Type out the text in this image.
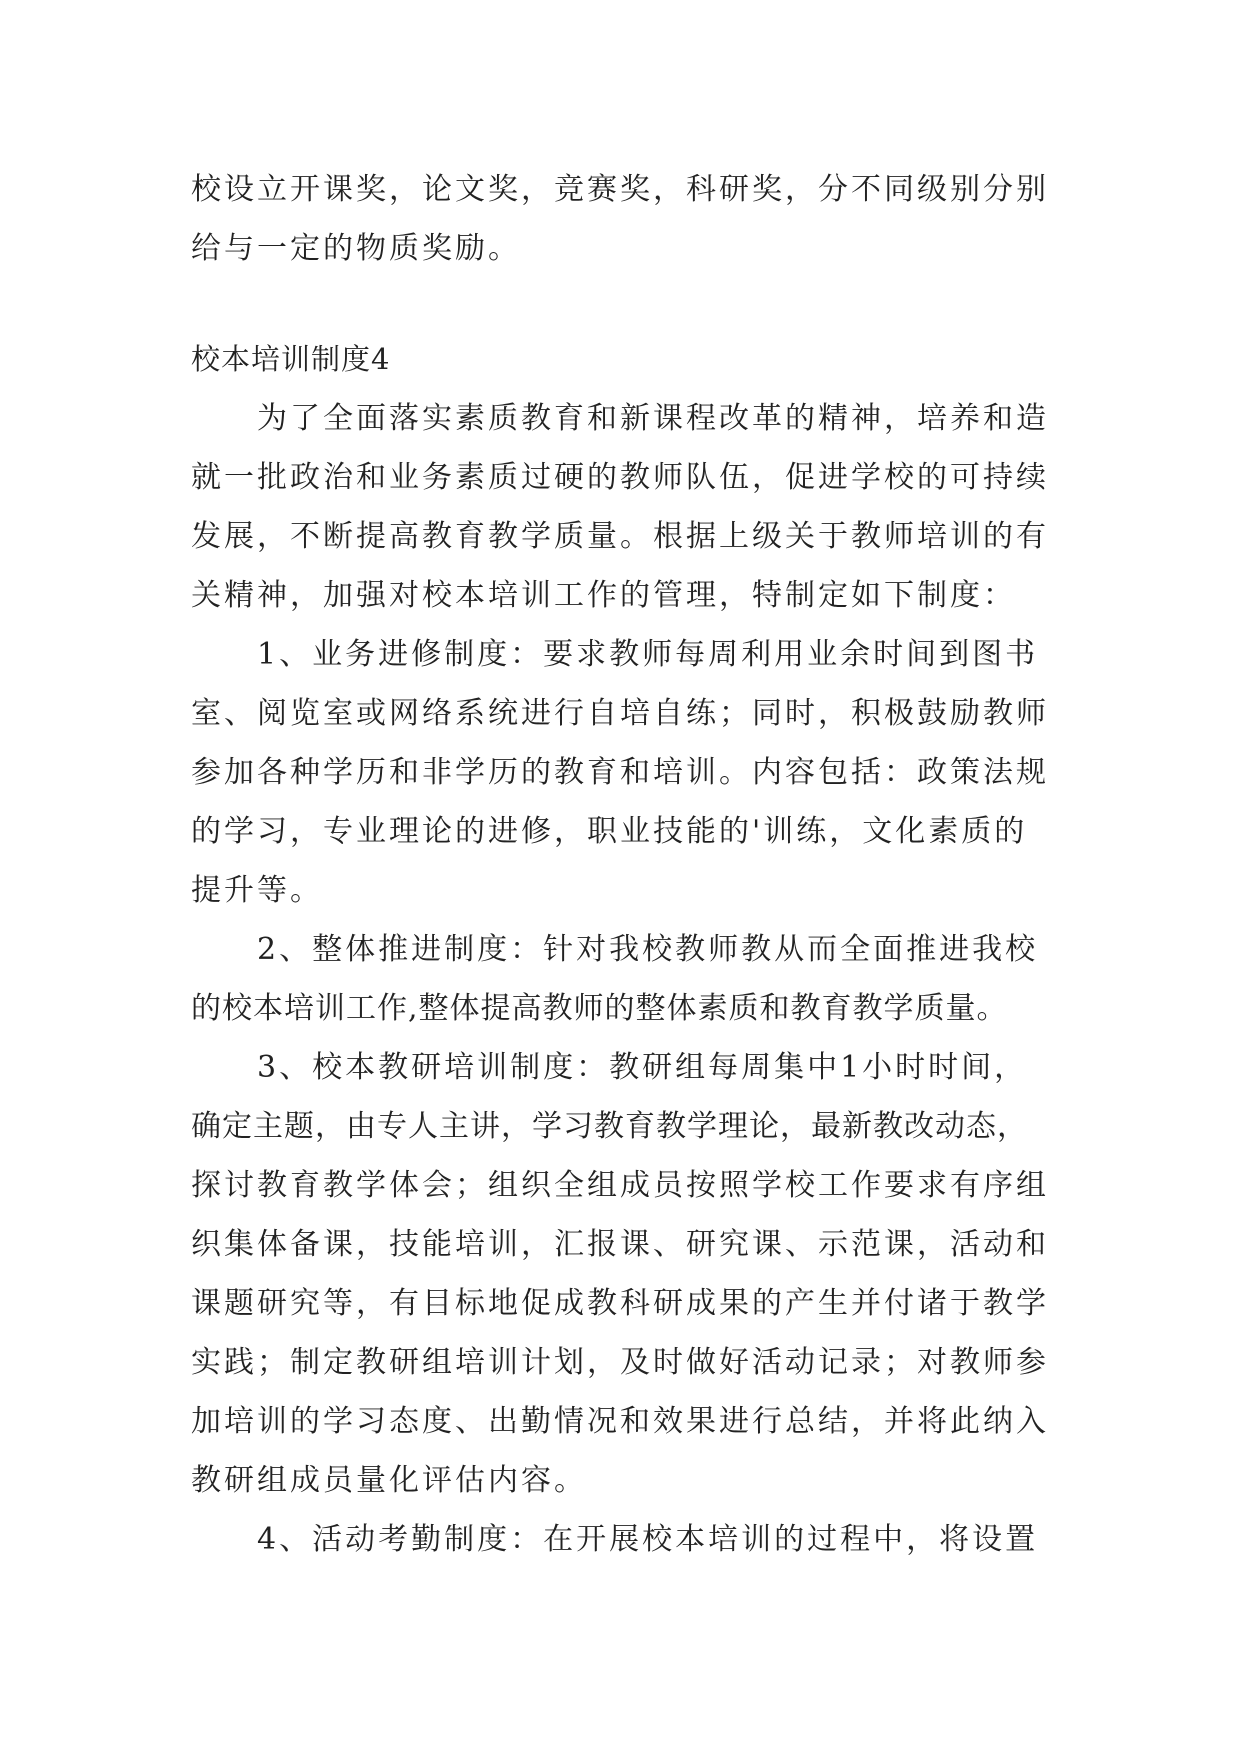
校设立开课奖，论文奖，竞赛奖，科研奖，分不同级别分别

给与一定的物质奖励。

校本培训制度4

为了全面落实素质教育和新课程改革的精神，培养和造

就一批政治和业务素质过硬的教师队伍，促进学校的可持续

发展，不断提高教育教学质量。根据上级关于教师培训的有

关精神，加强对校本培训工作的管理，特制定如下制度：

1、业务进修制度：要求教师每周利用业余时间到图书

室、阅览室或网络系统进行自培自练；同时，积极鼓励教师

参加各种学历和非学历的教育和培训。内容包括：政策法规

的学习，专业理论的进修，职业技能的'训练，文化素质的

提升等。

2、整体推进制度：针对我校教师教从而全面推进我校

的校本培训工作,整体提高教师的整体素质和教育教学质量。

3、校本教研培训制度：教研组每周集中1小时时间，

确定主题，由专人主讲，学习教育教学理论，最新教改动态，

探讨教育教学体会；组织全组成员按照学校工作要求有序组

织集体备课，技能培训，汇报课、研究课、示范课，活动和

课题研究等，有目标地促成教科研成果的产生并付诸于教学

实践；制定教研组培训计划，及时做好活动记录；对教师参

加培训的学习态度、出勤情况和效果进行总结，并将此纳入

教研组成员量化评估内容。

4、活动考勤制度：在开展校本培训的过程中，将设置
